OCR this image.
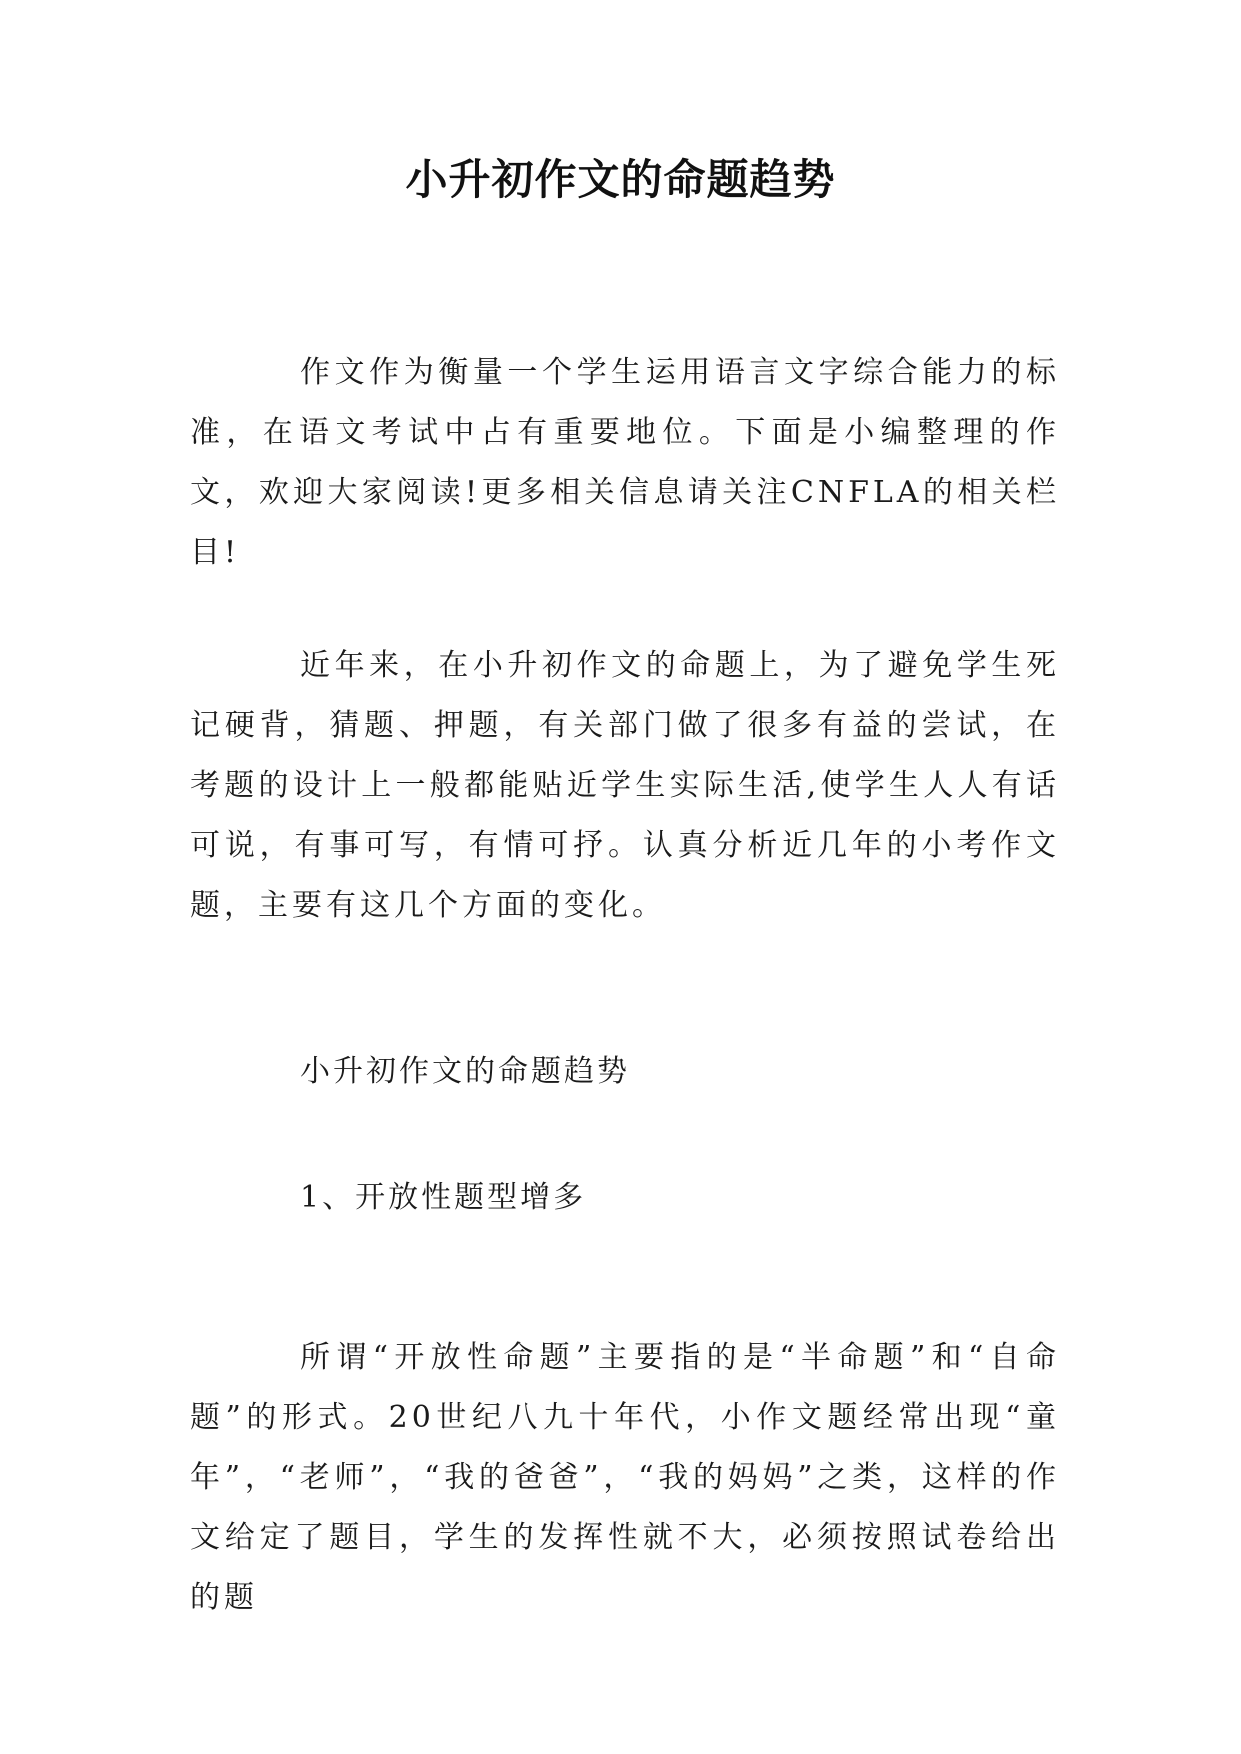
小升初作文的命题趋势

作文作为衡量一个学生运用语言文字综合能力的标准，在语文考试中占有重要地位。下面是小编整理的作文，欢迎大家阅读!更多相关信息请关注CNFLA的相关栏目!

近年来，在小升初作文的命题上，为了避免学生死记硬背，猜题、押题，有关部门做了很多有益的尝试，在考题的设计上一般都能贴近学生实际生活,使学生人人有话可说，有事可写，有情可抒。认真分析近几年的小考作文题，主要有这几个方面的变化。

小升初作文的命题趋势

1、开放性题型增多

所谓“开放性命题”主要指的是“半命题”和“自命题”的形式。20世纪八九十年代，小作文题经常出现“童年”，“老师”，“我的爸爸”，“我的妈妈”之类，这样的作文给定了题目，学生的发挥性就不大，必须按照试卷给出的题
